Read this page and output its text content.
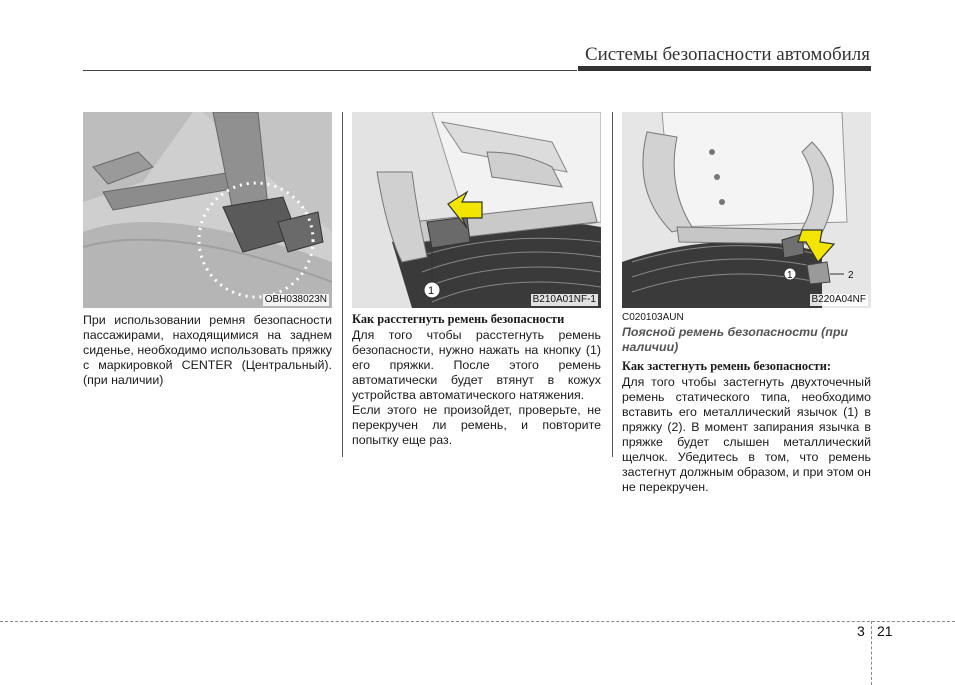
Системы безопасности автомобиля
OBH038023N

При использовании ремня безопасности пассажирами, находящимися на заднем сиденье, необходимо использовать пряжку с маркировкой CENTER (Центральный). (при наличии)

1
B210A01NF-1
Как расстегнуть ремень безопасности

Для того чтобы расстегнуть ремень безопасности, нужно нажать на кнопку (1) его пряжки. После этого ремень автоматически будет втянут в кожух устройства автоматического натяжения.

Если этого не произойдет, проверьте, не перекручен ли ремень, и повторите попытку еще раз.

1	2
B220A04NF
C020103AUN
Поясной ремень безопасности (при наличии)
Как застегнуть ремень безопасности:

Для того чтобы застегнуть двухточечный ремень статического типа, необходимо вставить его металлический язычок (1) в пряжку (2). В момент запирания язычка в пряжке будет слышен металлический щелчок. Убедитесь в том, что ремень застегнут должным образом, и при этом он не перекручен.

3 21
